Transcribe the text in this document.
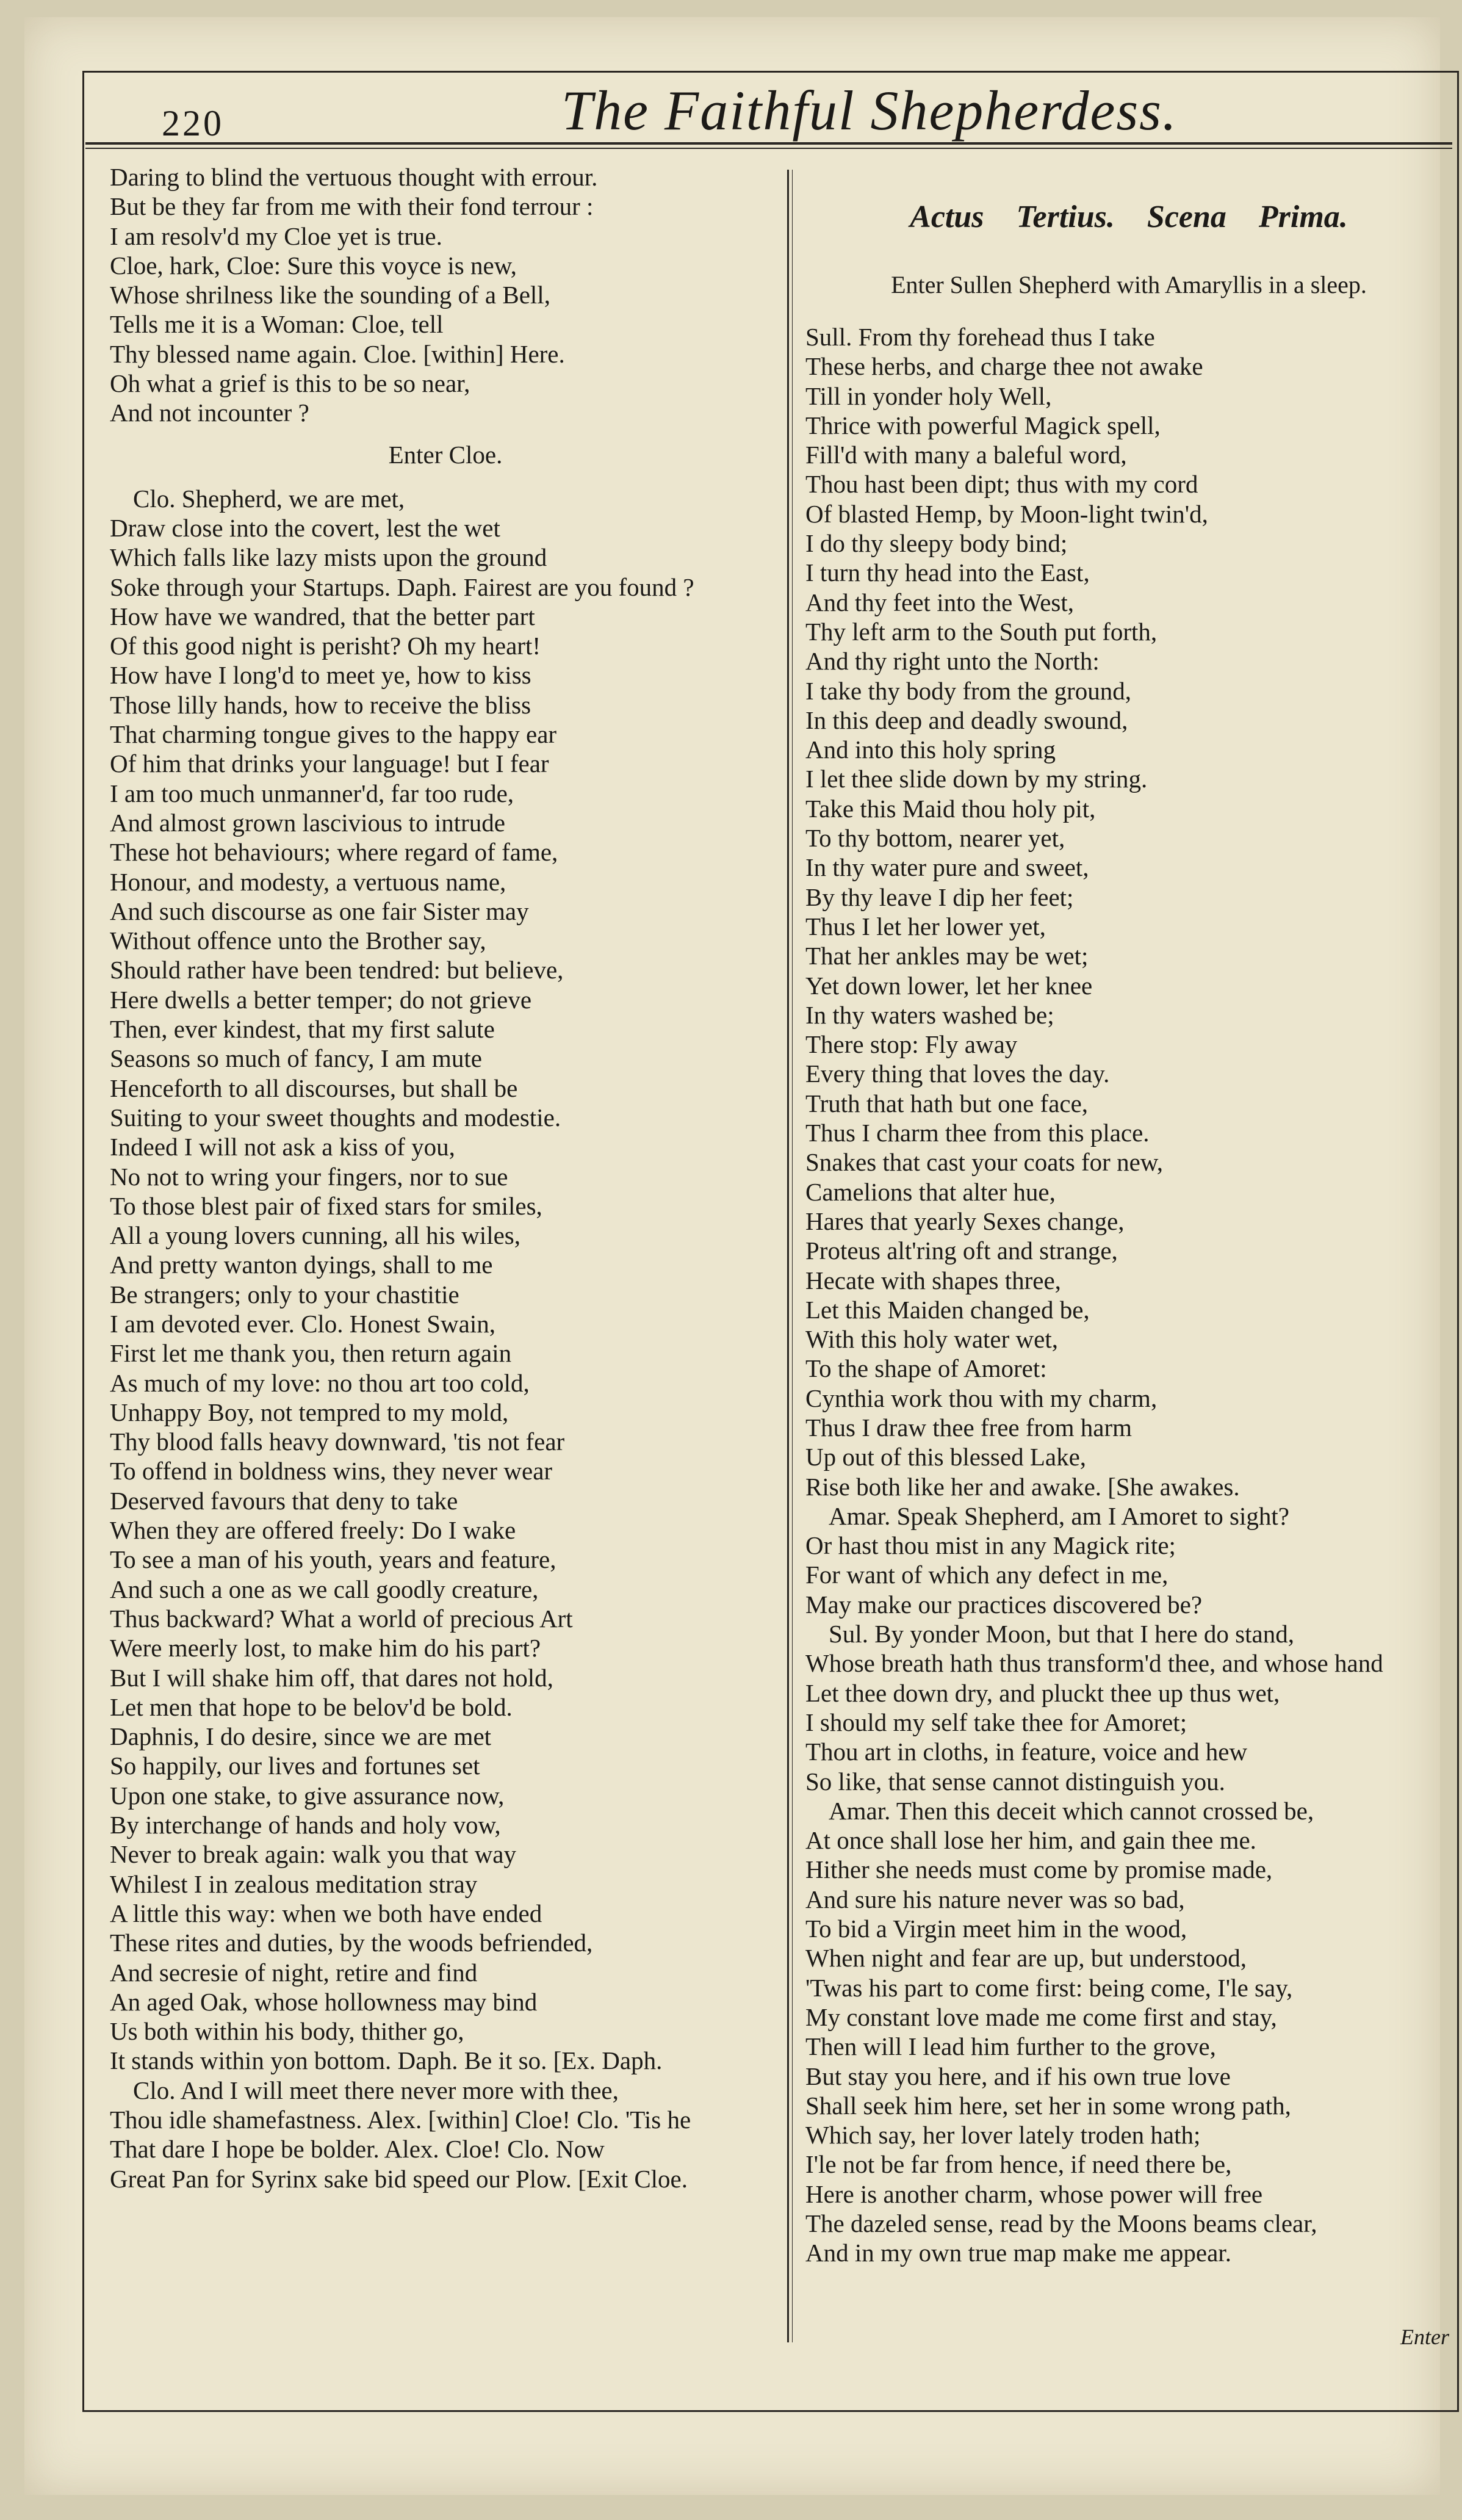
220	The Faithful Shepherdess.
Daring to blind the vertuous thought with errour.
But be they far from me with their fond terrour :
I am resolv'd my Cloe yet is true.
Cloe, hark, Cloe: Sure this voyce is new,
Whose shrilness like the sounding of a Bell,
Tells me it is a Woman: Cloe, tell
Thy blessed name again. Cloe. [within] Here.
Oh what a grief is this to be so near,
And not incounter ?
Enter Cloe.
Clo. Shepherd, we are met,
Draw close into the covert, lest the wet
Which falls like lazy mists upon the ground
Soke through your Startups. Daph. Fairest are you found ?
How have we wandred, that the better part
Of this good night is perisht? Oh my heart!
How have I long'd to meet ye, how to kiss
Those lilly hands, how to receive the bliss
That charming tongue gives to the happy ear
Of him that drinks your language! but I fear
I am too much unmanner'd, far too rude,
And almost grown lascivious to intrude
These hot behaviours; where regard of fame,
Honour, and modesty, a vertuous name,
And such discourse as one fair Sister may
Without offence unto the Brother say,
Should rather have been tendred: but believe,
Here dwells a better temper; do not grieve
Then, ever kindest, that my first salute
Seasons so much of fancy, I am mute
Henceforth to all discourses, but shall be
Suiting to your sweet thoughts and modestie.
Indeed I will not ask a kiss of you,
No not to wring your fingers, nor to sue
To those blest pair of fixed stars for smiles,
All a young lovers cunning, all his wiles,
And pretty wanton dyings, shall to me
Be strangers; only to your chastitie
I am devoted ever. Clo. Honest Swain,
First let me thank you, then return again
As much of my love: no thou art too cold,
Unhappy Boy, not tempred to my mold,
Thy blood falls heavy downward, 'tis not fear
To offend in boldness wins, they never wear
Deserved favours that deny to take
When they are offered freely: Do I wake
To see a man of his youth, years and feature,
And such a one as we call goodly creature,
Thus backward? What a world of precious Art
Were meerly lost, to make him do his part?
But I will shake him off, that dares not hold,
Let men that hope to be belov'd be bold.
Daphnis, I do desire, since we are met
So happily, our lives and fortunes set
Upon one stake, to give assurance now,
By interchange of hands and holy vow,
Never to break again: walk you that way
Whilest I in zealous meditation stray
A little this way: when we both have ended
These rites and duties, by the woods befriended,
And secresie of night, retire and find
An aged Oak, whose hollowness may bind
Us both within his body, thither go,
It stands within yon bottom. Daph. Be it so. [Ex. Daph.
Clo. And I will meet there never more with thee,
Thou idle shamefastness. Alex. [within] Cloe! Clo. 'Tis he
That dare I hope be bolder. Alex. Cloe! Clo. Now
Great Pan for Syrinx sake bid speed our Plow. [Exit Cloe.
Actus Tertius. Scena Prima.
Enter Sullen Shepherd with Amaryllis in a sleep.
Sull. From thy forehead thus I take
These herbs, and charge thee not awake
Till in yonder holy Well,
Thrice with powerful Magick spell,
Fill'd with many a baleful word,
Thou hast been dipt; thus with my cord
Of blasted Hemp, by Moon-light twin'd,
I do thy sleepy body bind;
I turn thy head into the East,
And thy feet into the West,
Thy left arm to the South put forth,
And thy right unto the North:
I take thy body from the ground,
In this deep and deadly swound,
And into this holy spring
I let thee slide down by my string.
Take this Maid thou holy pit,
To thy bottom, nearer yet,
In thy water pure and sweet,
By thy leave I dip her feet;
Thus I let her lower yet,
That her ankles may be wet;
Yet down lower, let her knee
In thy waters washed be;
There stop: Fly away
Every thing that loves the day.
Truth that hath but one face,
Thus I charm thee from this place.
Snakes that cast your coats for new,
Camelions that alter hue,
Hares that yearly Sexes change,
Proteus alt'ring oft and strange,
Hecate with shapes three,
Let this Maiden changed be,
With this holy water wet,
To the shape of Amoret:
Cynthia work thou with my charm,
Thus I draw thee free from harm
Up out of this blessed Lake,
Rise both like her and awake. [She awakes.
Amar. Speak Shepherd, am I Amoret to sight?
Or hast thou mist in any Magick rite;
For want of which any defect in me,
May make our practices discovered be?
Sul. By yonder Moon, but that I here do stand,
Whose breath hath thus transform'd thee, and whose hand
Let thee down dry, and pluckt thee up thus wet,
I should my self take thee for Amoret;
Thou art in cloths, in feature, voice and hew
So like, that sense cannot distinguish you.
Amar. Then this deceit which cannot crossed be,
At once shall lose her him, and gain thee me.
Hither she needs must come by promise made,
And sure his nature never was so bad,
To bid a Virgin meet him in the wood,
When night and fear are up, but understood,
'Twas his part to come first: being come, I'le say,
My constant love made me come first and stay,
Then will I lead him further to the grove,
But stay you here, and if his own true love
Shall seek him here, set her in some wrong path,
Which say, her lover lately troden hath;
I'le not be far from hence, if need there be,
Here is another charm, whose power will free
The dazeled sense, read by the Moons beams clear,
And in my own true map make me appear.
Enter
